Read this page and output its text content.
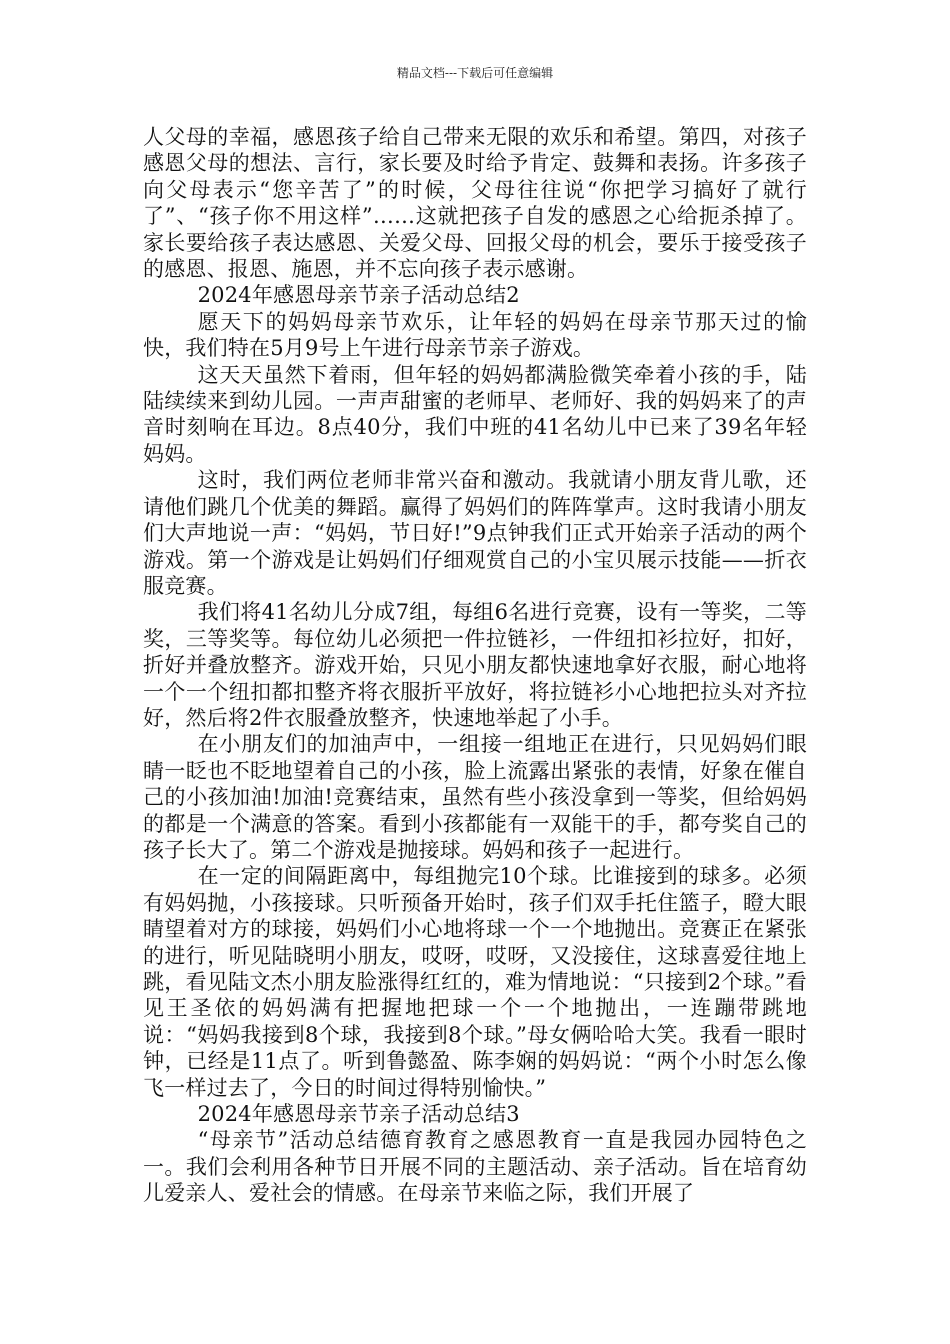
精品文档---下载后可任意编辑

人父母的幸福，感恩孩子给自己带来无限的欢乐和希望。第四，对孩子感恩父母的想法、言行，家长要及时给予肯定、鼓舞和表扬。许多孩子向父母表示“您辛苦了”的时候，父母往往说“你把学习搞好了就行了”、“孩子你不用这样”……这就把孩子自发的感恩之心给扼杀掉了。家长要给孩子表达感恩、关爱父母、回报父母的机会，要乐于接受孩子的感恩、报恩、施恩，并不忘向孩子表示感谢。

2024年感恩母亲节亲子活动总结2

愿天下的妈妈母亲节欢乐，让年轻的妈妈在母亲节那天过的愉快，我们特在5月9号上午进行母亲节亲子游戏。

这天天虽然下着雨，但年轻的妈妈都满脸微笑牵着小孩的手，陆陆续续来到幼儿园。一声声甜蜜的老师早、老师好、我的妈妈来了的声音时刻响在耳边。8点40分，我们中班的41名幼儿中已来了39名年轻妈妈。

这时，我们两位老师非常兴奋和激动。我就请小朋友背儿歌，还请他们跳几个优美的舞蹈。赢得了妈妈们的阵阵掌声。这时我请小朋友们大声地说一声：“妈妈，节日好!”9点钟我们正式开始亲子活动的两个游戏。第一个游戏是让妈妈们仔细观赏自己的小宝贝展示技能——折衣服竞赛。

我们将41名幼儿分成7组，每组6名进行竞赛，设有一等奖，二等奖，三等奖等。每位幼儿必须把一件拉链衫，一件纽扣衫拉好，扣好，折好并叠放整齐。游戏开始，只见小朋友都快速地拿好衣服，耐心地将一个一个纽扣都扣整齐将衣服折平放好，将拉链衫小心地把拉头对齐拉好，然后将2件衣服叠放整齐，快速地举起了小手。

在小朋友们的加油声中，一组接一组地正在进行，只见妈妈们眼睛一眨也不眨地望着自己的小孩，脸上流露出紧张的表情，好象在催自己的小孩加油!加油!竞赛结束，虽然有些小孩没拿到一等奖，但给妈妈的都是一个满意的答案。看到小孩都能有一双能干的手，都夸奖自己的孩子长大了。第二个游戏是抛接球。妈妈和孩子一起进行。

在一定的间隔距离中，每组抛完10个球。比谁接到的球多。必须有妈妈抛，小孩接球。只听预备开始时，孩子们双手托住篮子，瞪大眼睛望着对方的球接，妈妈们小心地将球一个一个地抛出。竞赛正在紧张的进行，听见陆晓明小朋友，哎呀，哎呀，又没接住，这球喜爱往地上跳，看见陆文杰小朋友脸涨得红红的，难为情地说：“只接到2个球。”看见王圣依的妈妈满有把握地把球一个一个地抛出，一连蹦带跳地说：“妈妈我接到8个球，我接到8个球。”母女俩哈哈大笑。我看一眼时钟，已经是11点了。听到鲁懿盈、陈李娴的妈妈说：“两个小时怎么像飞一样过去了，今日的时间过得特别愉快。”

2024年感恩母亲节亲子活动总结3

“母亲节”活动总结德育教育之感恩教育一直是我园办园特色之一。我们会利用各种节日开展不同的主题活动、亲子活动。旨在培育幼儿爱亲人、爱社会的情感。在母亲节来临之际，我们开展了
